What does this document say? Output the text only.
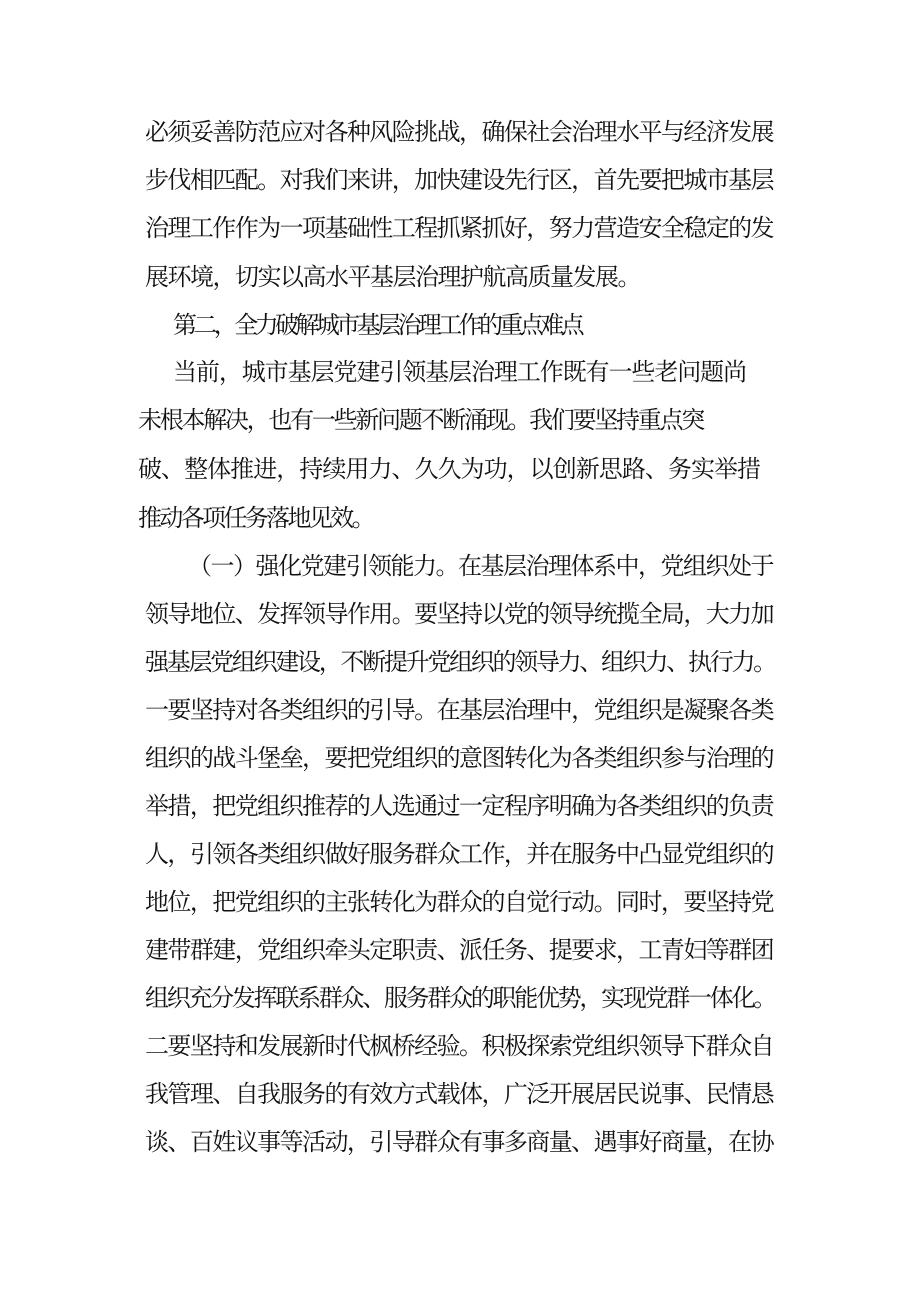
必须妥善防范应对各种风险挑战，确保社会治理水平与经济发展
步伐相匹配。对我们来讲，加快建设先行区，首先要把城市基层
治理工作作为一项基础性工程抓紧抓好，努力营造安全稳定的发
展环境，切实以高水平基层治理护航高质量发展。
第二，全力破解城市基层治理工作的重点难点
当前，城市基层党建引领基层治理工作既有一些老问题尚
未根本解决，也有一些新问题不断涌现。我们要坚持重点突
破、整体推进，持续用力、久久为功，以创新思路、务实举措
推动各项任务落地见效。
（一）强化党建引领能力。在基层治理体系中，党组织处于
领导地位、发挥领导作用。要坚持以党的领导统揽全局，大力加
强基层党组织建设，不断提升党组织的领导力、组织力、执行力。
一要坚持对各类组织的引导。在基层治理中，党组织是凝聚各类
组织的战斗堡垒，要把党组织的意图转化为各类组织参与治理的
举措，把党组织推荐的人选通过一定程序明确为各类组织的负责
人，引领各类组织做好服务群众工作，并在服务中凸显党组织的
地位，把党组织的主张转化为群众的自觉行动。同时，要坚持党
建带群建，党组织牵头定职责、派任务、提要求，工青妇等群团
组织充分发挥联系群众、服务群众的职能优势，实现党群一体化。
二要坚持和发展新时代枫桥经验。积极探索党组织领导下群众自
我管理、自我服务的有效方式载体，广泛开展居民说事、民情恳
谈、百姓议事等活动，引导群众有事多商量、遇事好商量，在协
